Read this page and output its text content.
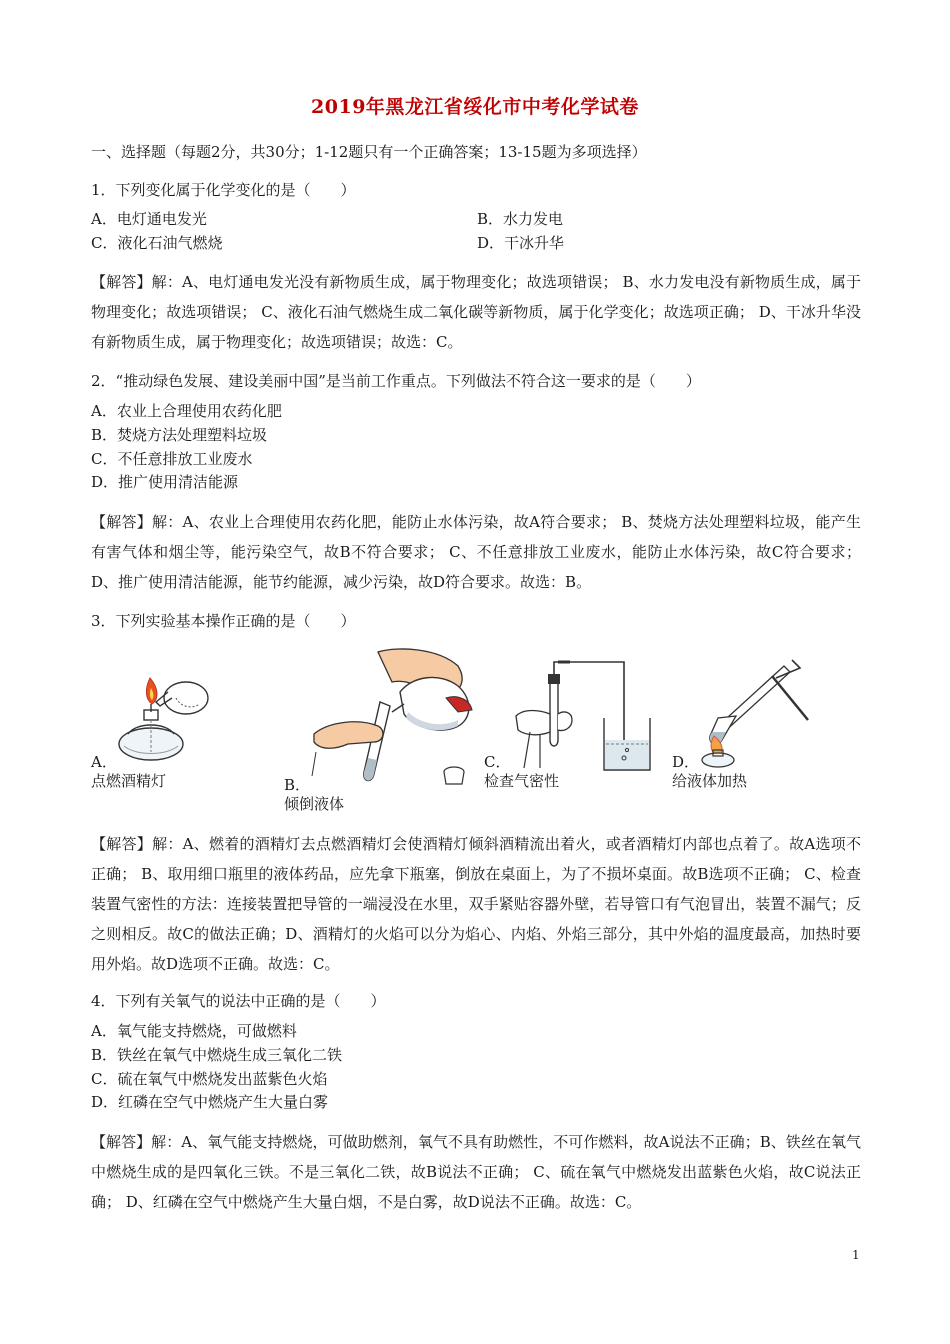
2019年黑龙江省绥化市中考化学试卷
一、选择题（每题2分，共30分；1-12题只有一个正确答案；13-15题为多项选择）
1．下列变化属于化学变化的是（　　）
A．电灯通电发光	B．水力发电
C．液化石油气燃烧	D．干冰升华
【解答】解：A、电灯通电发光没有新物质生成，属于物理变化；故选项错误； B、水力发电没有新物质生成，属于物理变化；故选项错误； C、液化石油气燃烧生成二氧化碳等新物质，属于化学变化；故选项正确； D、干冰升华没有新物质生成，属于物理变化；故选项错误；故选：C。
2．“推动绿色发展、建设美丽中国”是当前工作重点。下列做法不符合这一要求的是（　　）
A．农业上合理使用农药化肥
B．焚烧方法处理塑料垃圾
C．不任意排放工业废水
D．推广使用清洁能源
【解答】解：A、农业上合理使用农药化肥，能防止水体污染，故A符合要求； B、焚烧方法处理塑料垃圾，能产生有害气体和烟尘等，能污染空气，故B不符合要求； C、不任意排放工业废水，能防止水体污染，故C符合要求； D、推广使用清洁能源，能节约能源，减少污染，故D符合要求。故选：B。
3．下列实验基本操作正确的是（　　）
A．
点燃酒精灯	B．
倾倒液体
C．
检查气密性
D．
给液体加热
【解答】解：A、燃着的酒精灯去点燃酒精灯会使酒精灯倾斜酒精流出着火，或者酒精灯内部也点着了。故A选项不正确； B、取用细口瓶里的液体药品，应先拿下瓶塞，倒放在桌面上，为了不损坏桌面。故B选项不正确； C、检查装置气密性的方法：连接装置把导管的一端浸没在水里，双手紧贴容器外壁，若导管口有气泡冒出，装置不漏气；反之则相反。故C的做法正确；D、酒精灯的火焰可以分为焰心、内焰、外焰三部分，其中外焰的温度最高，加热时要用外焰。故D选项不正确。故选：C。
4．下列有关氧气的说法中正确的是（　　）
A．氧气能支持燃烧，可做燃料
B．铁丝在氧气中燃烧生成三氧化二铁
C．硫在氧气中燃烧发出蓝紫色火焰
D．红磷在空气中燃烧产生大量白雾
【解答】解：A、氧气能支持燃烧，可做助燃剂，氧气不具有助燃性，不可作燃料，故A说法不正确；B、铁丝在氧气中燃烧生成的是四氧化三铁。不是三氧化二铁，故B说法不正确； C、硫在氧气中燃烧发出蓝紫色火焰，故C说法正确； D、红磷在空气中燃烧产生大量白烟，不是白雾，故D说法不正确。故选：C。
1
